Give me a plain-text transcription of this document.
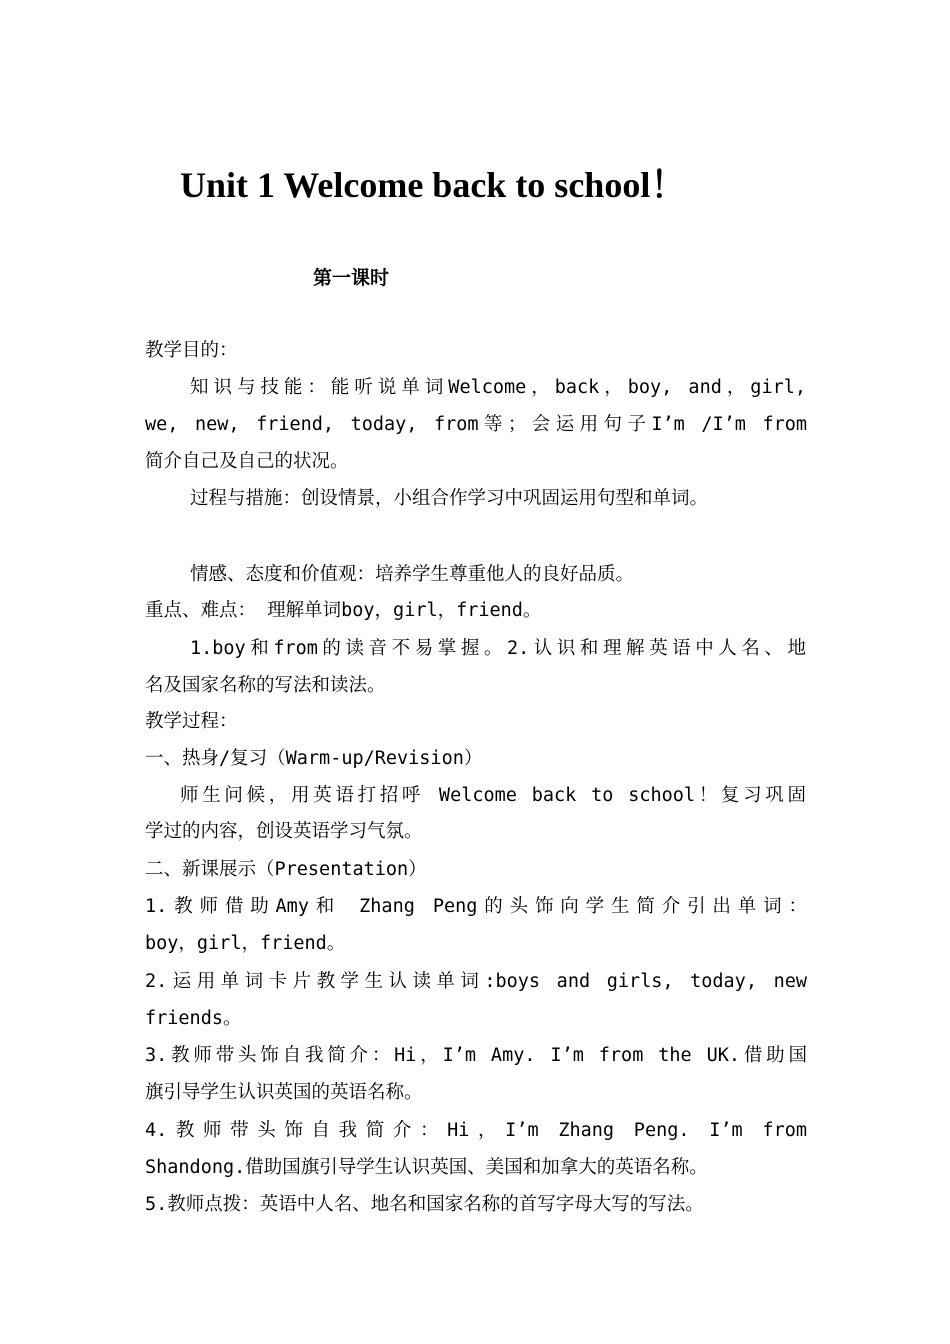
Unit 1 Welcome back to school！
第一课时

教学目的：

知识与技能：能听说单词Welcome，back，boy, and，girl,

we, new, friend, today, from等；会运用句子I’m /I’m from

简介自己及自己的状况。

过程与措施：创设情景，小组合作学习中巩固运用句型和单词。

情感、态度和价值观：培养学生尊重他人的良好品质。

重点、难点： 理解单词boy，girl，friend。

1.boy和from的读音不易掌握。2.认识和理解英语中人名、地

名及国家名称的写法和读法。

教学过程：

一、热身/复习（Warm-up/Revision）

师生问候，用英语打招呼 Welcome back to school！复习巩固

学过的内容，创设英语学习气氛。

二、新课展示（Presentation）

1.教师借助Amy和 Zhang Peng的头饰向学生简介引出单词：

boy，girl，friend。

2.运用单词卡片教学生认读单词:boys and girls, today, new

friends。

3.教师带头饰自我简介：Hi，I’m Amy. I’m from the UK.借助国

旗引导学生认识英国的英语名称。

4.教师带头饰自我简介：Hi，I’m Zhang Peng. I’m from

Shandong.借助国旗引导学生认识英国、美国和加拿大的英语名称。

5.教师点拨：英语中人名、地名和国家名称的首写字母大写的写法。
